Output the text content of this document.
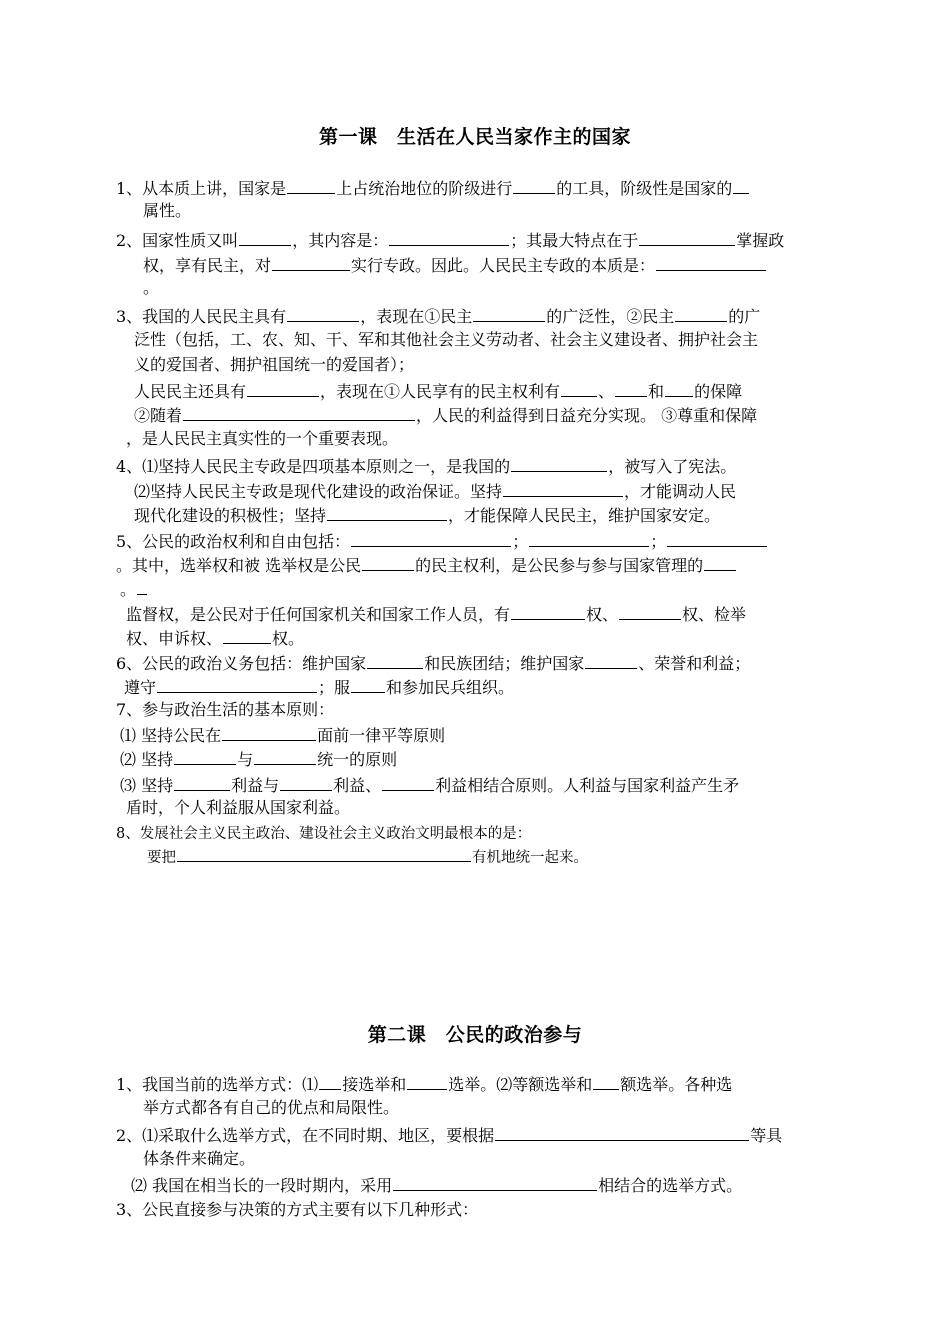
第一课　生活在人民当家作主的国家
1、从本质上讲，国家是	上占统治地位的阶级进行	的工具，阶级性是国家的
属性。
2、国家性质又叫	，其内容是：	；其最大特点在于	掌握政
权，享有民主，对	实行专政。因此。人民民主专政的本质是：
。
3、我国的人民民主具有	，表现在①民主	的广泛性，②民主	的广
泛性（包括，工、农、知、干、军和其他社会主义劳动者、社会主义建设者、拥护社会主
义的爱国者、拥护祖国统一的爱国者）；
人民民主还具有	，表现在①人民享有的民主权利有 、 和 的保障
②随着	，人民的利益得到日益充分实现。 ③尊重和保障
，是人民民主真实性的一个重要表现。
4、⑴坚持人民民主专政是四项基本原则之一，是我国的	，被写入了宪法。
⑵坚持人民民主专政是现代化建设的政治保证。坚持	，才能调动人民
现代化建设的积极性；坚持	，才能保障人民民主，维护国家安定。
5、公民的政治权利和自由包括：	；	；
。其中，选举权和被 选举权是公民	的民主权利，是公民参与参与国家管理的
。
监督权，是公民对于任何国家机关和国家工作人员，有	权、	权、检举
权、申诉权、	权。
6、公民的政治义务包括：维护国家	和民族团结；维护国家	、荣誉和利益；
遵守	；服 和参加民兵组织。
7、参与政治生活的基本原则：
⑴ 坚持公民在	面前一律平等原则
⑵ 坚持	与	统一的原则
⑶ 坚持	利益与	利益、	利益相结合原则。人利益与国家利益产生矛
盾时，个人利益服从国家利益。
8、发展社会主义民主政治、建设社会主义政治文明最根本的是：
要把	有机地统一起来。
第二课　公民的政治参与
1、我国当前的选举方式：⑴ 接选举和	选举。⑵等额选举和 额选举。各种选
举方式都各有自己的优点和局限性。
2、⑴采取什么选举方式，在不同时期、地区，要根据	等具
体条件来确定。
⑵ 我国在相当长的一段时期内，采用	相结合的选举方式。
3、公民直接参与决策的方式主要有以下几种形式：
